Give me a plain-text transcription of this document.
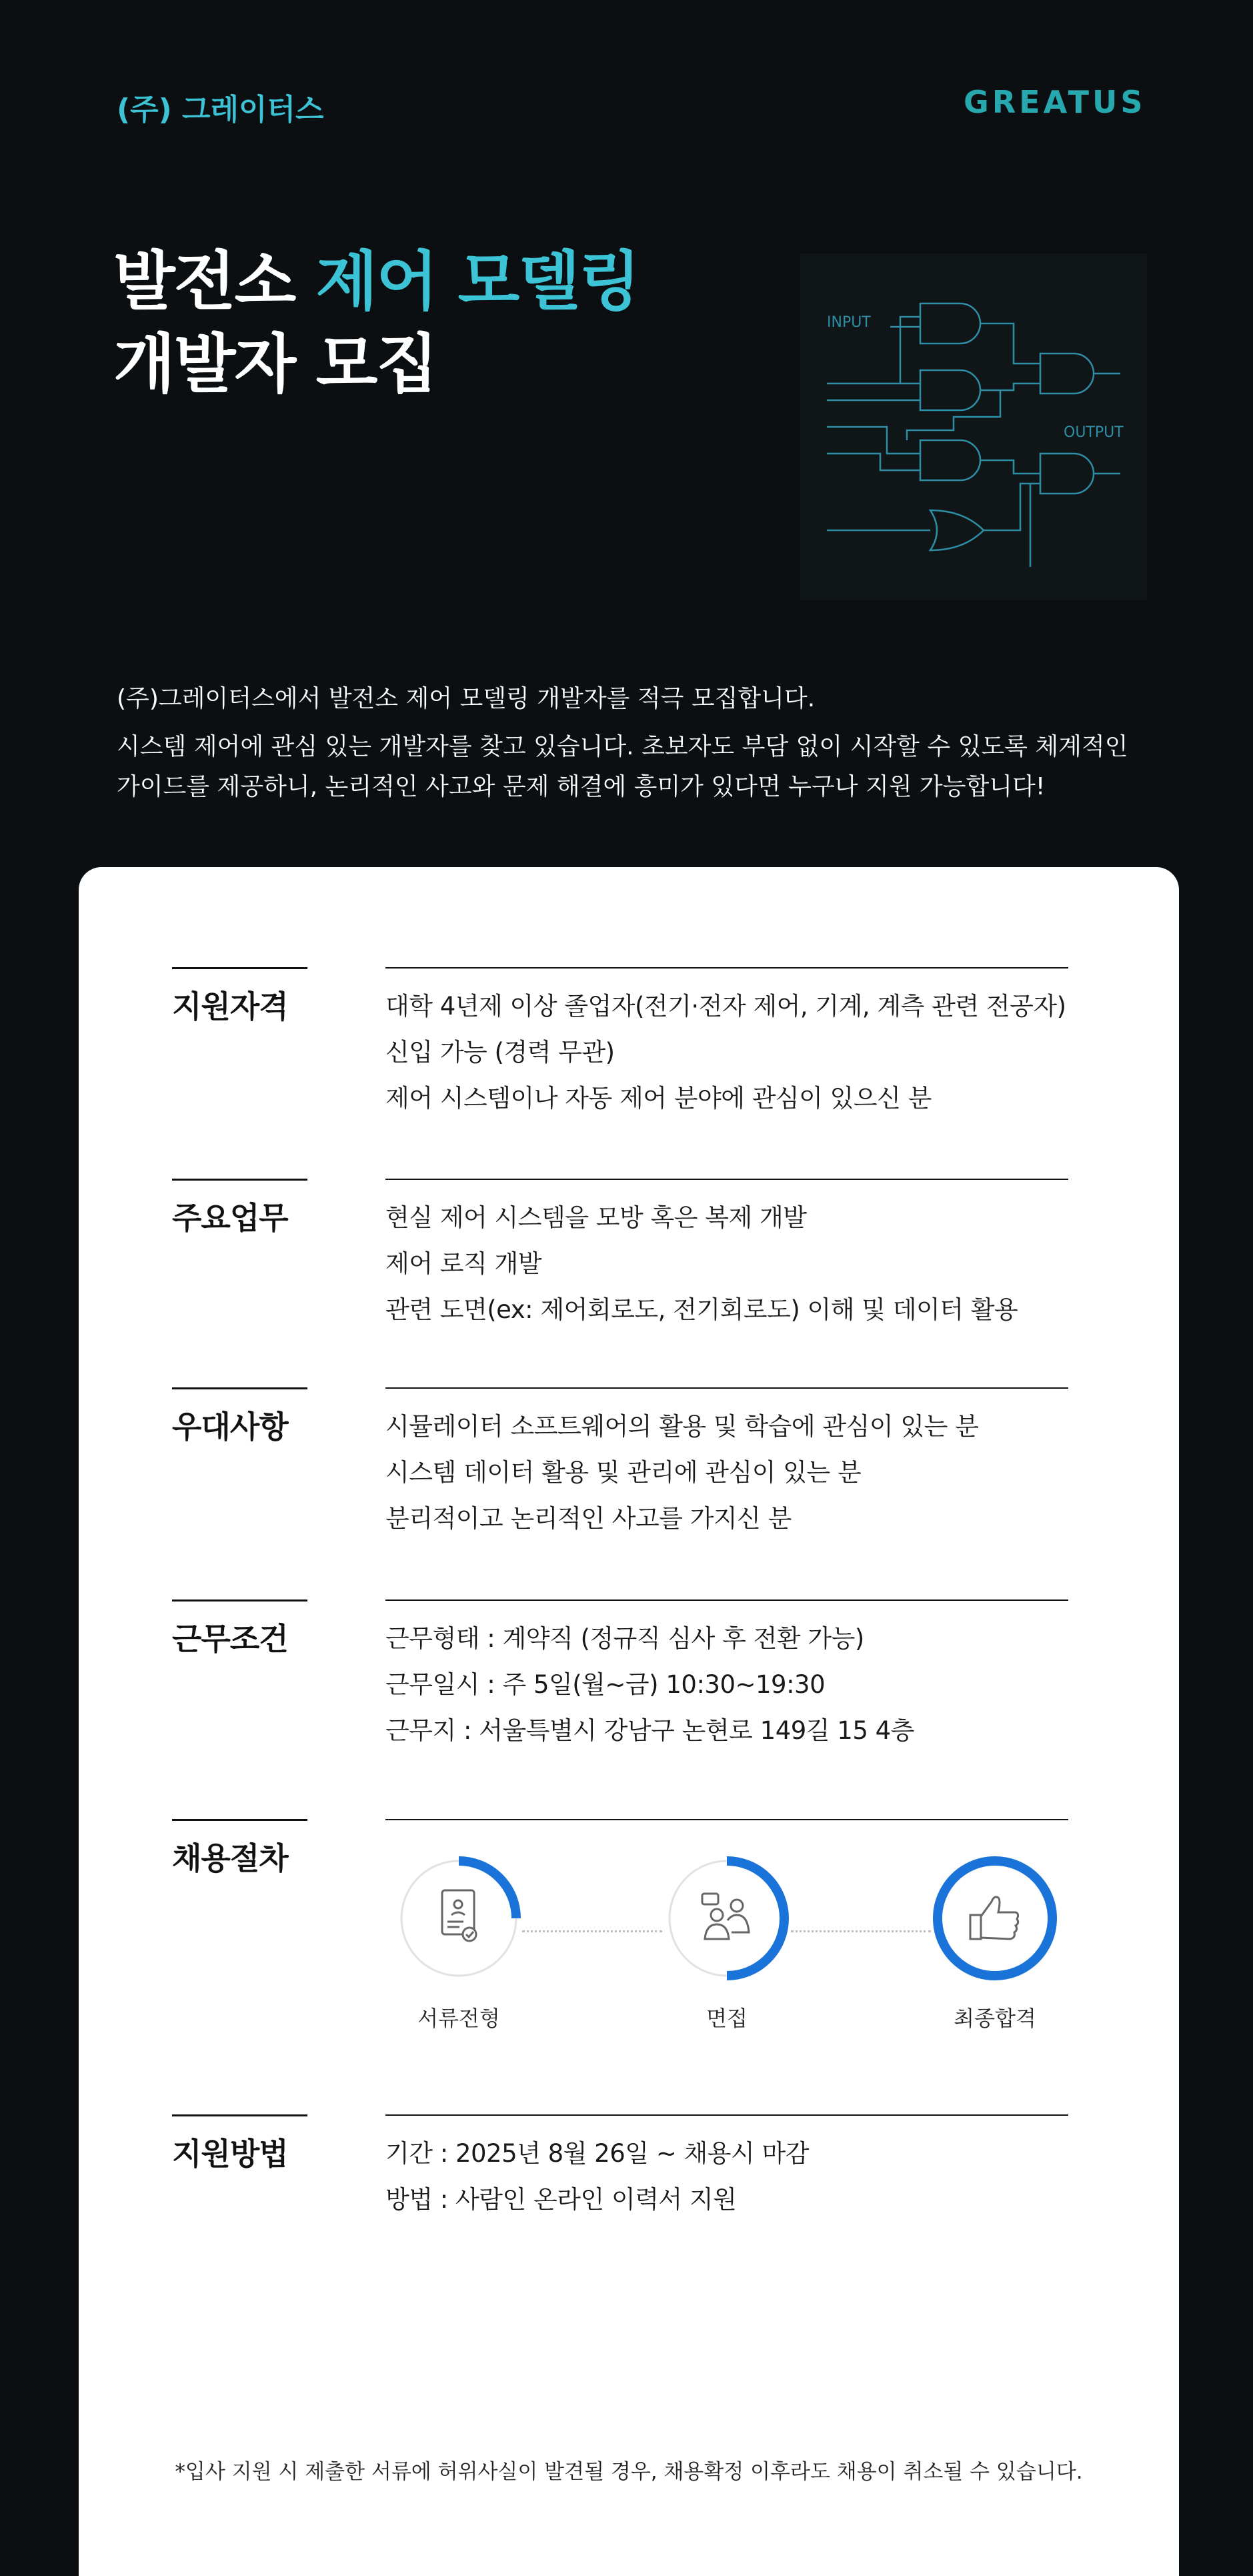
(주) 그레이터스	GREATUS
발전소 제어 모델링
개발자 모집
INPUT
OUTPUT

(주)그레이터스에서 발전소 제어 모델링 개발자를 적극 모집합니다.

시스템 제어에 관심 있는 개발자를 찾고 있습니다. 초보자도 부담 없이 시작할 수 있도록 체계적인

가이드를 제공하니, 논리적인 사고와 문제 해결에 흥미가 있다면 누구나 지원 가능합니다!

지원자격	대학 4년제 이상 졸업자(전기·전자 제어, 기계, 계측 관련 전공자)
신입 가능 (경력 무관)
제어 시스템이나 자동 제어 분야에 관심이 있으신 분
주요업무	현실 제어 시스템을 모방 혹은 복제 개발
제어 로직 개발
관련 도면(ex: 제어회로도, 전기회로도) 이해 및 데이터 활용
우대사항	시뮬레이터 소프트웨어의 활용 및 학습에 관심이 있는 분
시스템 데이터 활용 및 관리에 관심이 있는 분
분리적이고 논리적인 사고를 가지신 분
근무조건	근무형태 : 계약직 (정규직 심사 후 전환 가능)
근무일시 : 주 5일(월~금) 10:30~19:30
근무지 : 서울특별시 강남구 논현로 149길 15 4층
채용절차
서류전형	면접	최종합격
지원방법	기간 : 2025년 8월 26일 ~ 채용시 마감
방법 : 사람인 온라인 이력서 지원
*입사 지원 시 제출한 서류에 허위사실이 발견될 경우, 채용확정 이후라도 채용이 취소될 수 있습니다.
